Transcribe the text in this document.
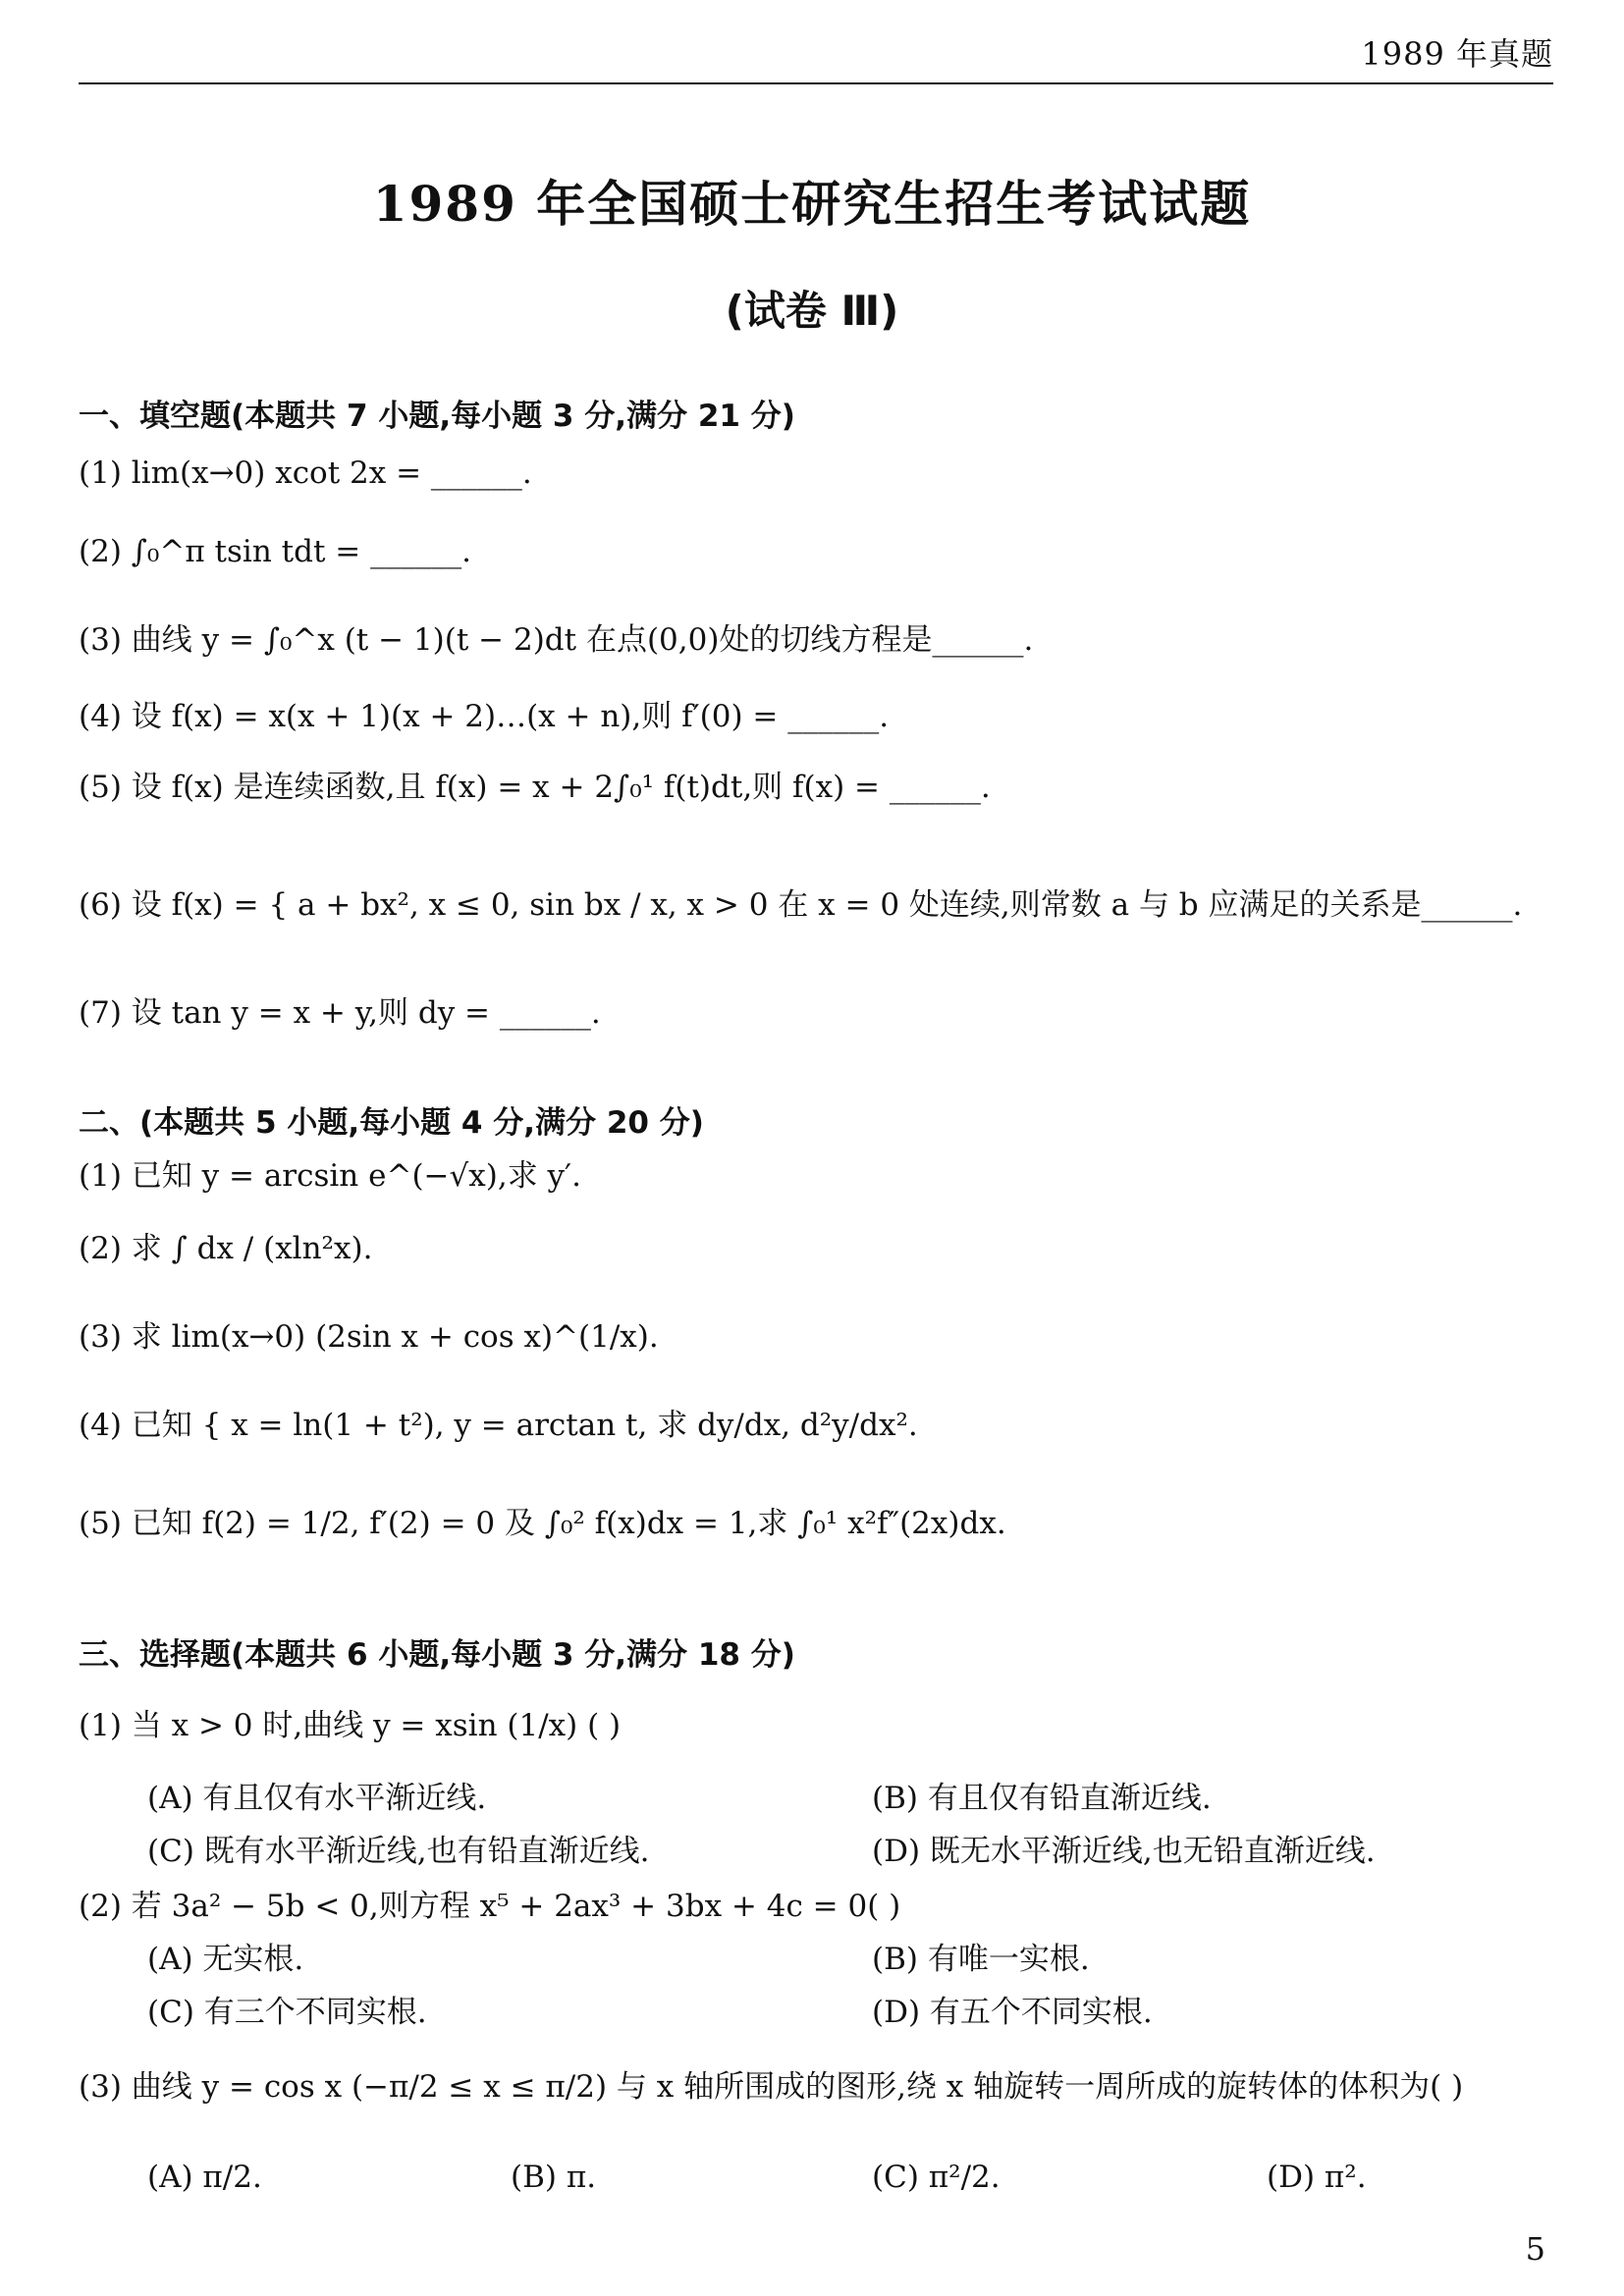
1989 年真题
1989 年全国硕士研究生招生考试试题
(试卷 Ⅲ)
一、填空题(本题共 7 小题,每小题 3 分,满分 21 分)
(1) lim(x→0) xcot 2x = ______.
(2) ∫₀^π tsin tdt = ______.
(3) 曲线 y = ∫₀^x (t − 1)(t − 2)dt 在点(0,0)处的切线方程是______.
(4) 设 f(x) = x(x + 1)(x + 2)…(x + n),则 f′(0) = ______.
(5) 设 f(x) 是连续函数,且 f(x) = x + 2∫₀¹ f(t)dt,则 f(x) = ______.
(6) 设 f(x) = { a + bx², x ≤ 0, sin bx / x, x > 0 在 x = 0 处连续,则常数 a 与 b 应满足的关系是______.
(7) 设 tan y = x + y,则 dy = ______.
二、(本题共 5 小题,每小题 4 分,满分 20 分)
(1) 已知 y = arcsin e^(−√x),求 y′.
(2) 求 ∫ dx / (xln²x).
(3) 求 lim(x→0) (2sin x + cos x)^(1/x).
(4) 已知 { x = ln(1 + t²), y = arctan t, 求 dy/dx, d²y/dx².
(5) 已知 f(2) = 1/2, f′(2) = 0 及 ∫₀² f(x)dx = 1,求 ∫₀¹ x²f″(2x)dx.
三、选择题(本题共 6 小题,每小题 3 分,满分 18 分)
(1) 当 x > 0 时,曲线 y = xsin (1/x) ( )
(A) 有且仅有水平渐近线.	(B) 有且仅有铅直渐近线.
(C) 既有水平渐近线,也有铅直渐近线.	(D) 既无水平渐近线,也无铅直渐近线.
(2) 若 3a² − 5b < 0,则方程 x⁵ + 2ax³ + 3bx + 4c = 0( )
(A) 无实根.	(B) 有唯一实根.
(C) 有三个不同实根.	(D) 有五个不同实根.
(3) 曲线 y = cos x (−π/2 ≤ x ≤ π/2) 与 x 轴所围成的图形,绕 x 轴旋转一周所成的旋转体的体积为( )
(A) π/2.	(B) π.	(C) π²/2.	(D) π².
5
